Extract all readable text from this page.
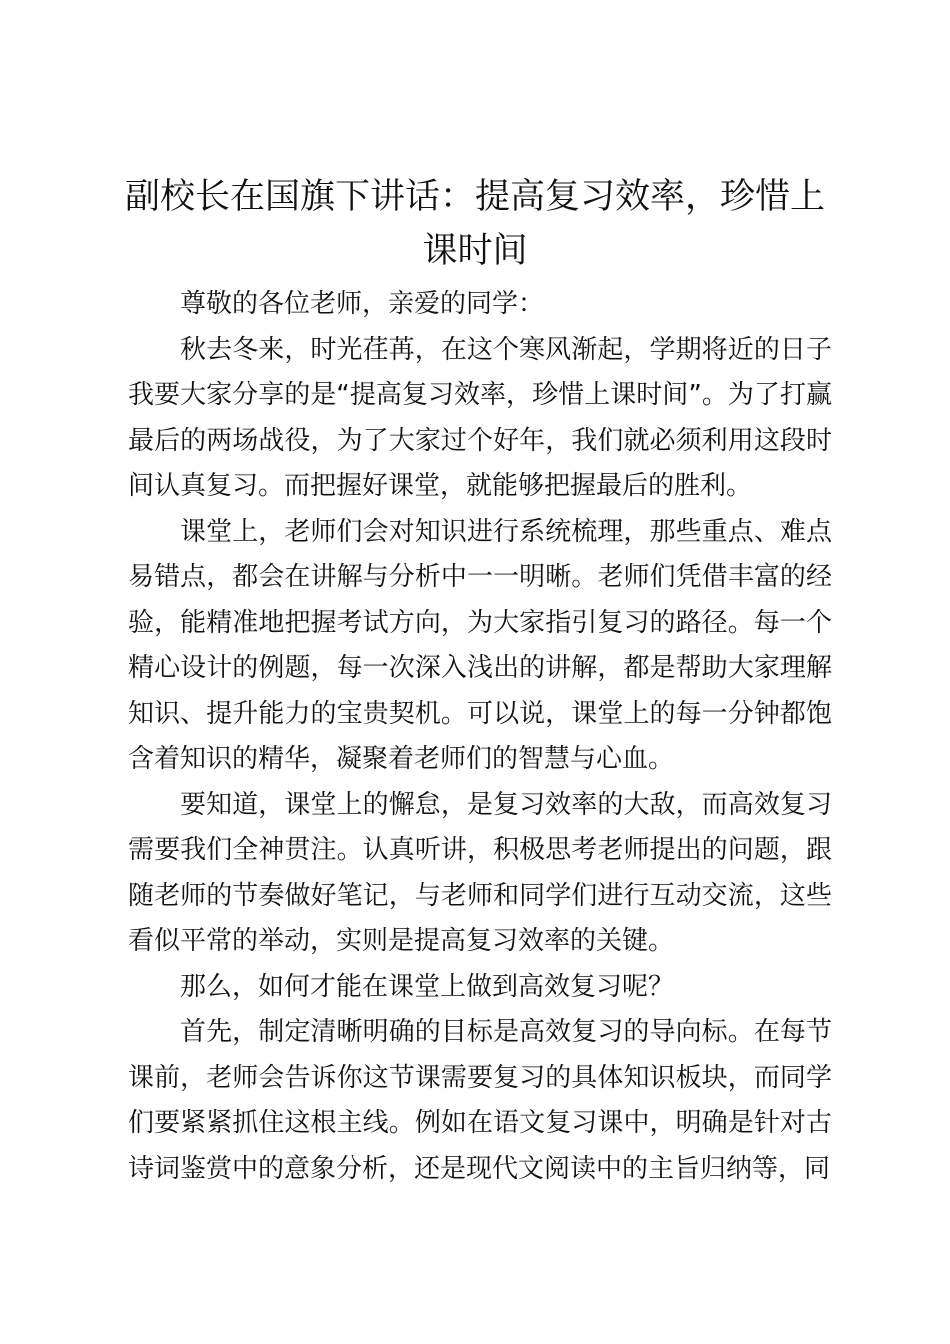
副校长在国旗下讲话：提高复习效率，珍惜上课时间

尊敬的各位老师，亲爱的同学：

秋去冬来，时光荏苒，在这个寒风渐起，学期将近的日子我要大家分享的是“提高复习效率，珍惜上课时间”。为了打赢最后的两场战役，为了大家过个好年，我们就必须利用这段时间认真复习。而把握好课堂，就能够把握最后的胜利。

课堂上，老师们会对知识进行系统梳理，那些重点、难点易错点，都会在讲解与分析中一一明晰。老师们凭借丰富的经验，能精准地把握考试方向，为大家指引复习的路径。每一个精心设计的例题，每一次深入浅出的讲解，都是帮助大家理解知识、提升能力的宝贵契机。可以说，课堂上的每一分钟都饱含着知识的精华，凝聚着老师们的智慧与心血。

要知道，课堂上的懈怠，是复习效率的大敌，而高效复习需要我们全神贯注。认真听讲，积极思考老师提出的问题，跟随老师的节奏做好笔记，与老师和同学们进行互动交流，这些看似平常的举动，实则是提高复习效率的关键。

那么，如何才能在课堂上做到高效复习呢？

首先，制定清晰明确的目标是高效复习的导向标。在每节课前，老师会告诉你这节课需要复习的具体知识板块，而同学们要紧紧抓住这根主线。例如在语文复习课中，明确是针对古诗词鉴赏中的意象分析，还是现代文阅读中的主旨归纳等，同
